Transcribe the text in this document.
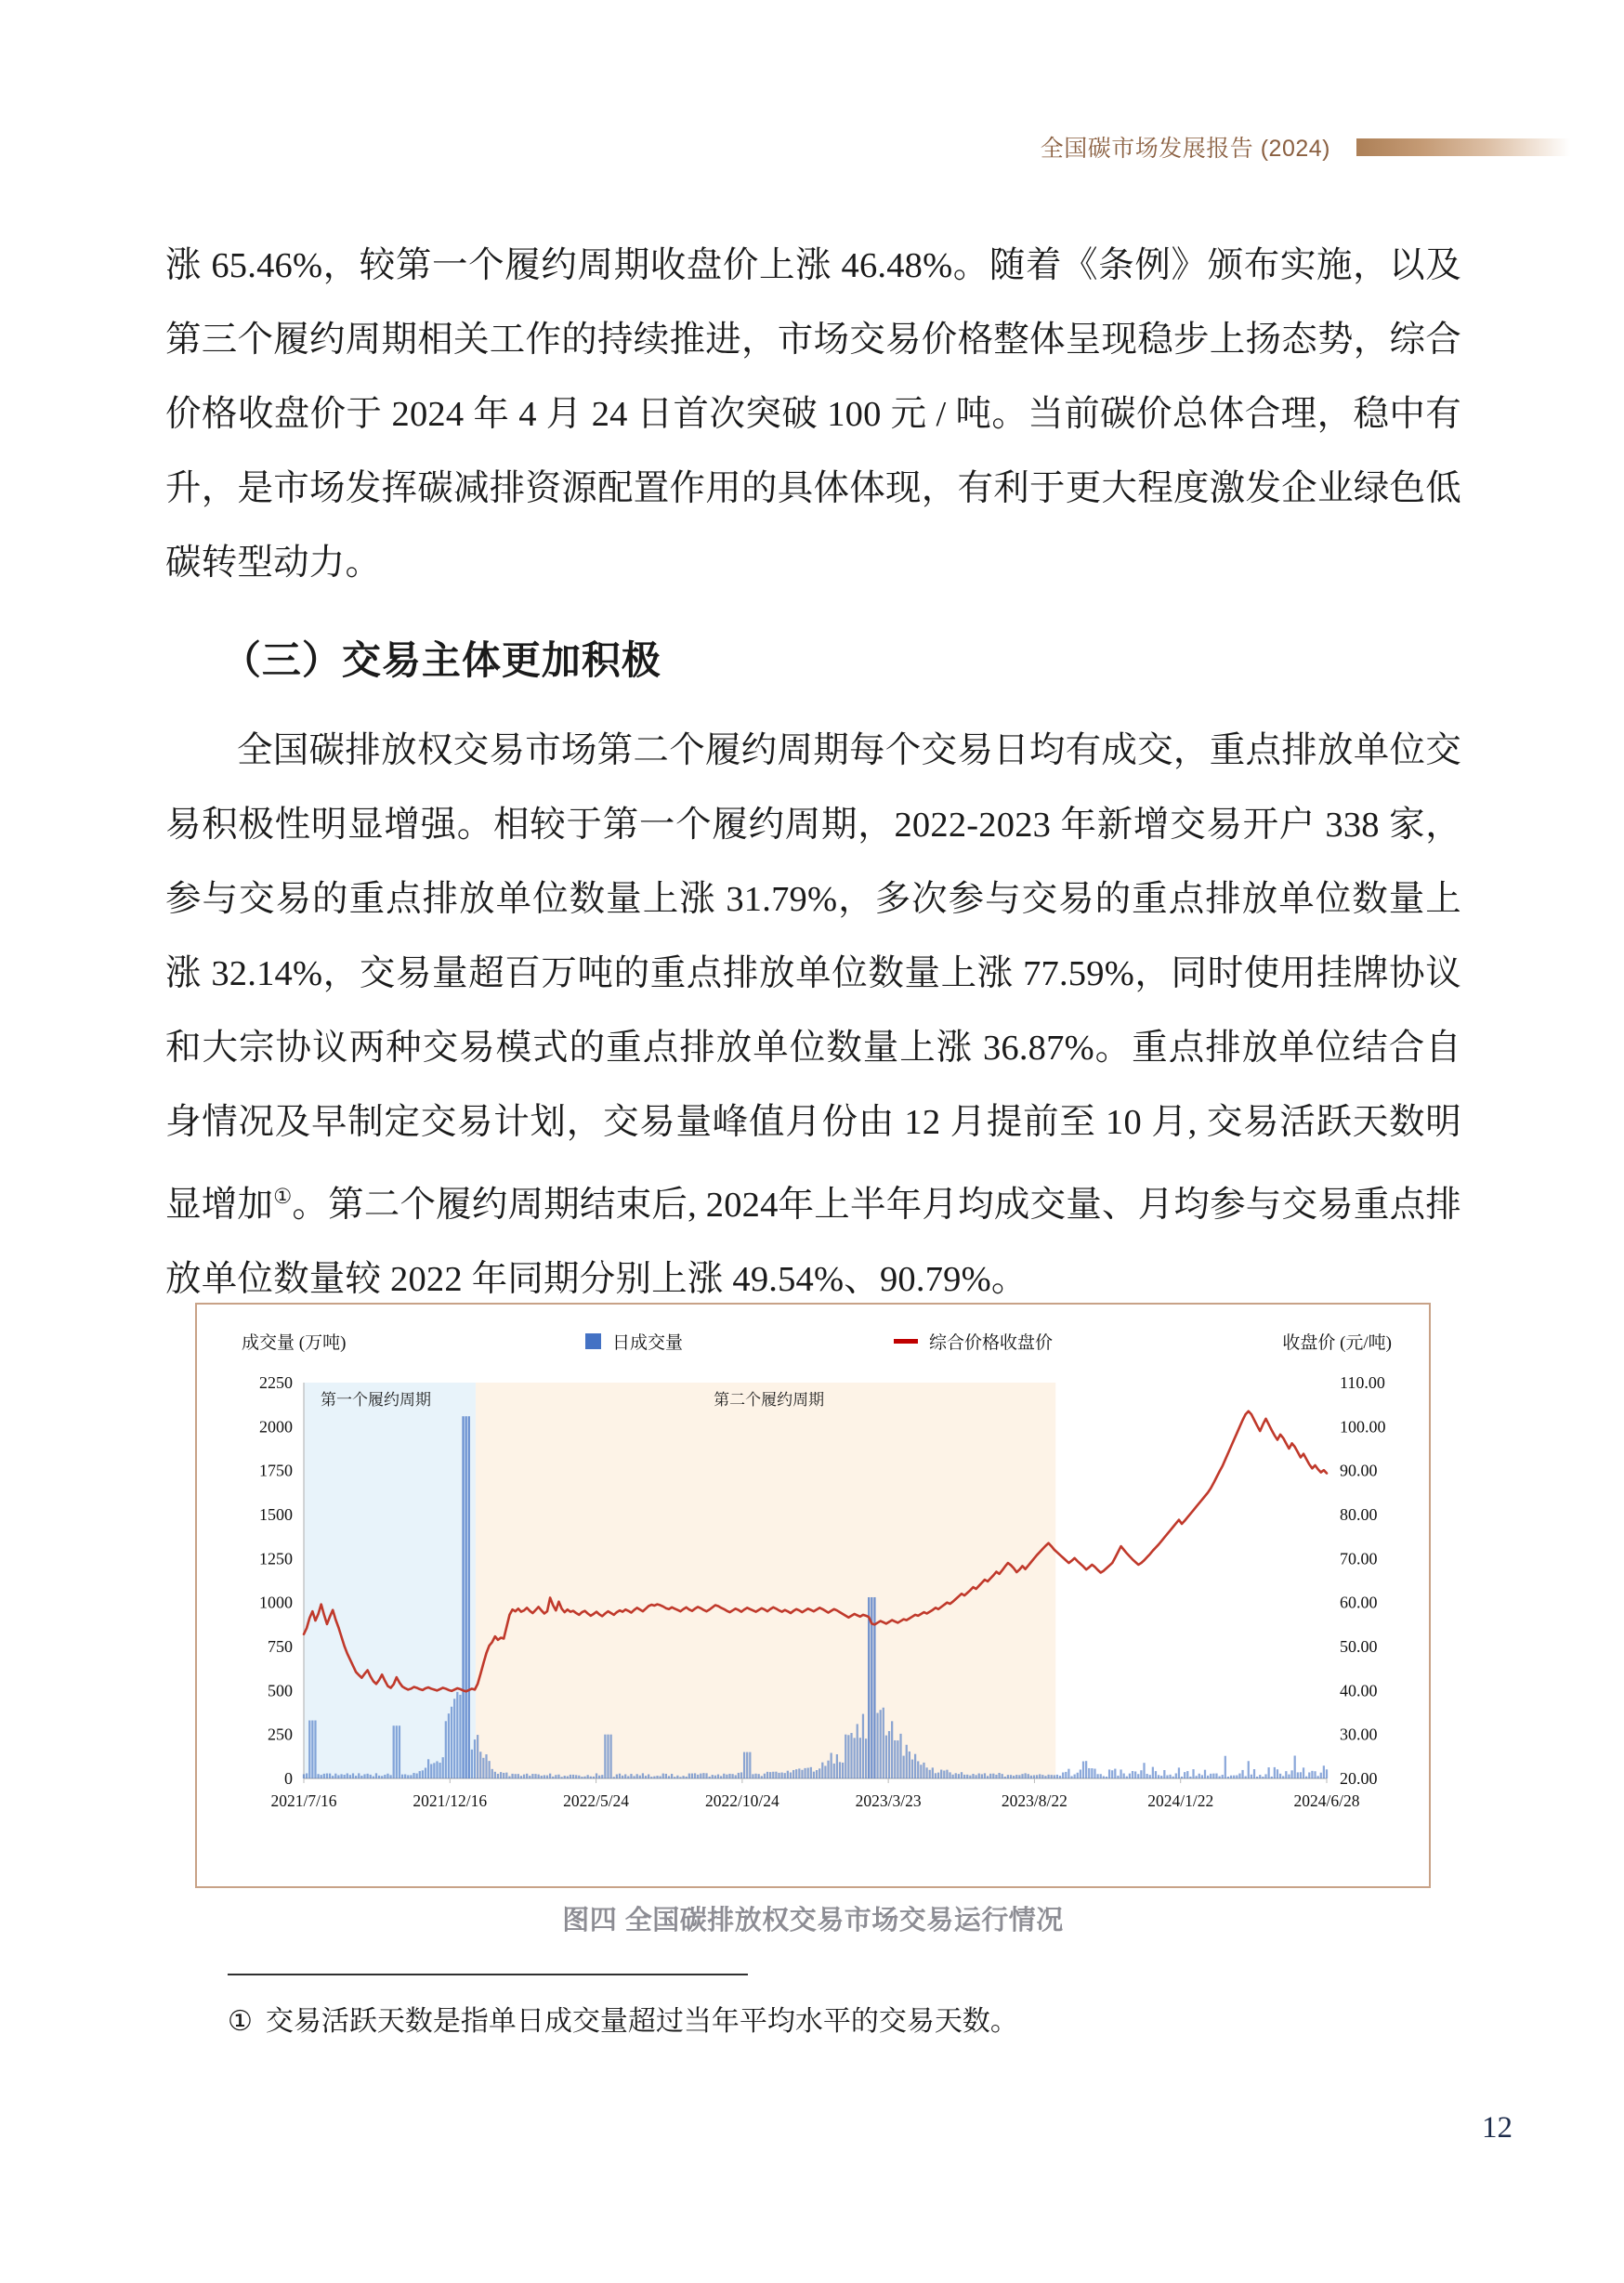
全国碳市场发展报告 (2024)

涨 65.46%，较第一个履约周期收盘价上涨 46.48%。随着《条例》颁布实施，以及第三个履约周期相关工作的持续推进，市场交易价格整体呈现稳步上扬态势，综合价格收盘价于 2024 年 4 月 24 日首次突破 100 元 / 吨。当前碳价总体合理，稳中有升，是市场发挥碳减排资源配置作用的具体体现，有利于更大程度激发企业绿色低碳转型动力。

（三）交易主体更加积极

全国碳排放权交易市场第二个履约周期每个交易日均有成交，重点排放单位交易积极性明显增强。相较于第一个履约周期，2022-2023 年新增交易开户 338 家，参与交易的重点排放单位数量上涨 31.79%，多次参与交易的重点排放单位数量上涨 32.14%，交易量超百万吨的重点排放单位数量上涨 77.59%，同时使用挂牌协议和大宗协议两种交易模式的重点排放单位数量上涨 36.87%。重点排放单位结合自身情况及早制定交易计划，交易量峰值月份由 12 月提前至 10 月, 交易活跃天数明显增加①。第二个履约周期结束后, 2024年上半年月均成交量、月均参与交易重点排放单位数量较 2022 年同期分别上涨 49.54%、90.79%。

成交量 (万吨)	日成交量	综合价格收盘价	收盘价 (元/吨)
第一个履约周期	第二个履约周期
0
250
500
750
1000
1250
1500
1750
2000
2250
20.00
30.00
40.00
50.00
60.00
70.00
80.00
90.00
100.00
110.00
2021/7/16	2021/12/16	2022/5/24	2022/10/24	2023/3/23	2023/8/22	2024/1/22	2024/6/28
图四 全国碳排放权交易市场交易运行情况
① 交易活跃天数是指单日成交量超过当年平均水平的交易天数。
12
